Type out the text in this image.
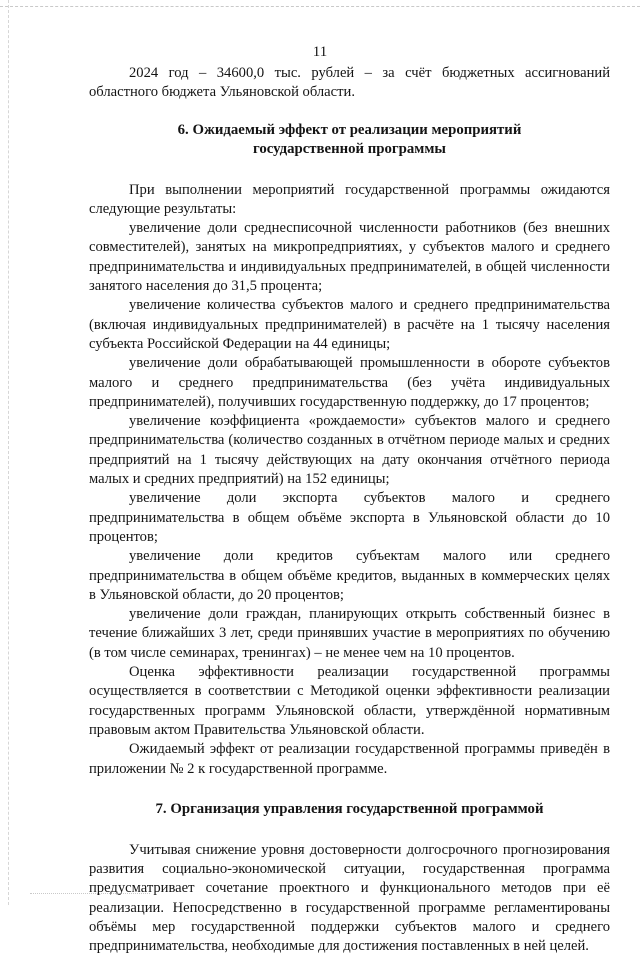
11

2024 год – 34600,0 тыс. рублей – за счёт бюджетных ассигнований областного бюджета Ульяновской области.

6. Ожидаемый эффект от реализации мероприятий
государственной программы

При выполнении мероприятий государственной программы ожидаются следующие результаты:

увеличение доли среднесписочной численности работников (без внешних совместителей), занятых на микропредприятиях, у субъектов малого и среднего предпринимательства и индивидуальных предпринимателей, в общей численности занятого населения до 31,5 процента;

увеличение количества субъектов малого и среднего предпринимательства (включая индивидуальных предпринимателей) в расчёте на 1 тысячу населения субъекта Российской Федерации на 44 единицы;

увеличение доли обрабатывающей промышленности в обороте субъектов малого и среднего предпринимательства (без учёта индивидуальных предпринимателей), получивших государственную поддержку, до 17 процентов;

увеличение коэффициента «рождаемости» субъектов малого и среднего предпринимательства (количество созданных в отчётном периоде малых и средних предприятий на 1 тысячу действующих на дату окончания отчётного периода малых и средних предприятий) на 152 единицы;

увеличение доли экспорта субъектов малого и среднего предпринимательства в общем объёме экспорта в Ульяновской области до 10 процентов;

увеличение доли кредитов субъектам малого или среднего предпринимательства в общем объёме кредитов, выданных в коммерческих целях в Ульяновской области, до 20 процентов;

увеличение доли граждан, планирующих открыть собственный бизнес в течение ближайших 3 лет, среди принявших участие в мероприятиях по обучению (в том числе семинарах, тренингах) – не менее чем на 10 процентов.

Оценка эффективности реализации государственной программы осуществляется в соответствии с Методикой оценки эффективности реализации государственных программ Ульяновской области, утверждённой нормативным правовым актом Правительства Ульяновской области.

Ожидаемый эффект от реализации государственной программы приведён в приложении № 2 к государственной программе.

7. Организация управления государственной программой

Учитывая снижение уровня достоверности долгосрочного прогнозирования развития социально-экономической ситуации, государственная программа предусматривает сочетание проектного и функционального методов при её реализации. Непосредственно в государственной программе регламентированы объёмы мер государственной поддержки субъектов малого и среднего предпринимательства, необходимые для достижения поставленных в ней целей.
